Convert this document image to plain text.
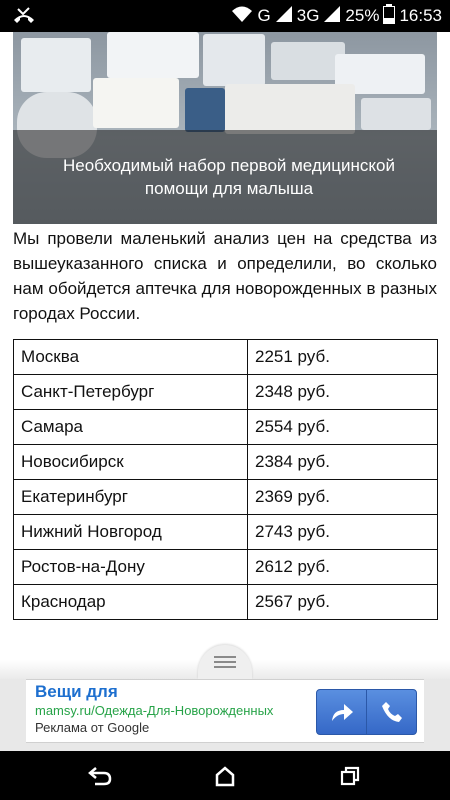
G 3G 25% 16:53
Необходимый набор первой медицинской помощи для малыша
Мы провели маленький анализ цен на средства из вышеуказанного списка и определили, во сколько нам обойдется аптечка для новорожденных в разных городах России.
Москва	2251 руб.
Санкт-Петербург	2348 руб.
Самара	2554 руб.
Новосибирск	2384 руб.
Екатеринбург	2369 руб.
Нижний Новгород	2743 руб.
Ростов-на-Дону	2612 руб.
Краснодар	2567 руб.
Вещи для
mamsy.ru/Одежда-Для-Новорожденных
Реклама от Google
